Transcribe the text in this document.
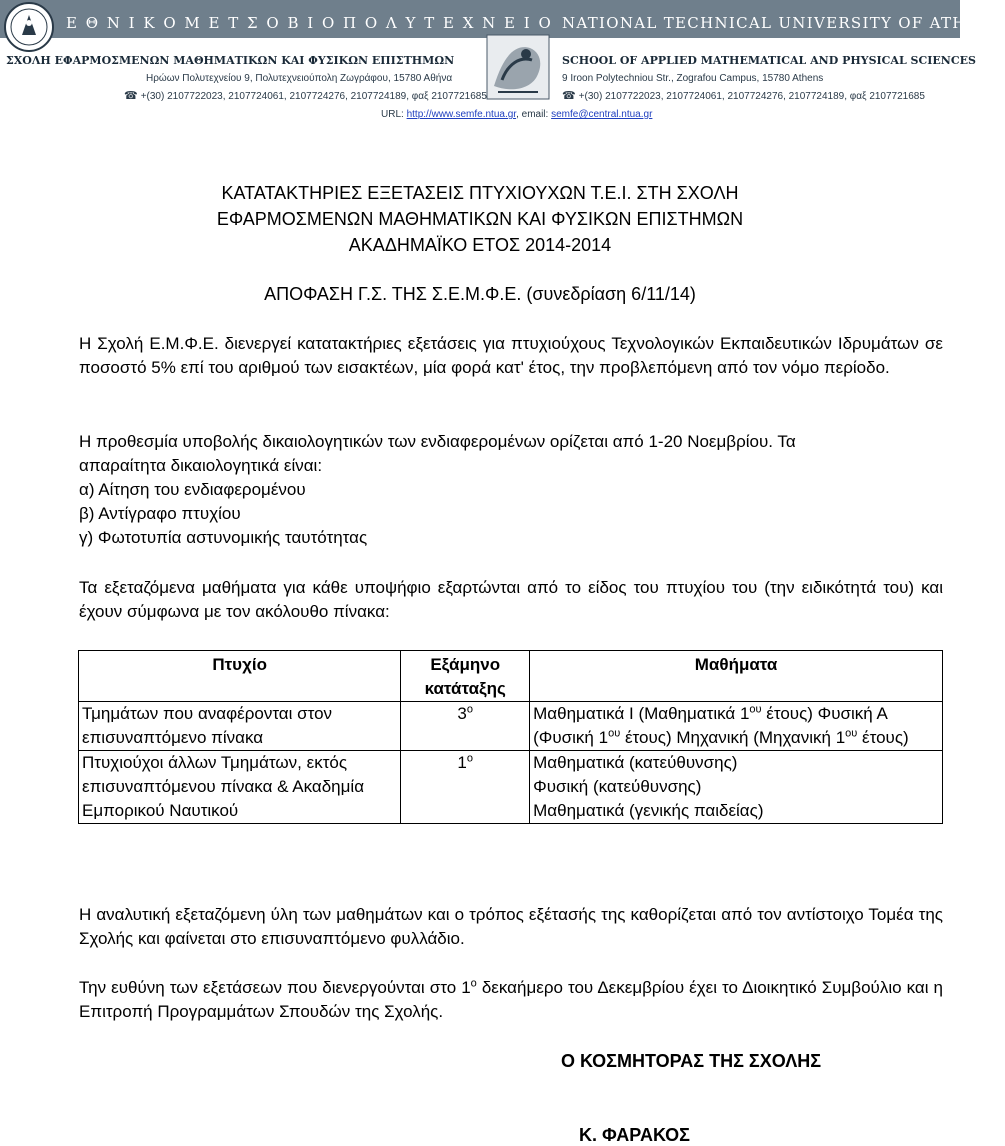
Ε Θ Ν Ι Κ Ο Μ Ε Τ Σ Ο Β Ι Ο Π Ο Λ Υ Τ Ε Χ Ν Ε Ι Ο NATIONAL TECHNICAL UNIVERSITY OF ATHENS
ΣΧΟΛΗ ΕΦΑΡΜΟΣΜΕΝΩΝ ΜΑΘΗΜΑΤΙΚΩΝ ΚΑΙ ΦΥΣΙΚΩΝ ΕΠΙΣΤΗΜΩΝ	SCHOOL OF APPLIED MATHEMATICAL AND PHYSICAL SCIENCES
Ηρώων Πολυτεχνείου 9, Πολυτεχνειούπολη Ζωγράφου, 15780 Αθήνα	9 Iroon Polytechniou Str., Zografou Campus, 15780 Athens
☎ +(30) 2107722023, 2107724061, 2107724276, 2107724189, φαξ 2107721685	☎ +(30) 2107722023, 2107724061, 2107724276, 2107724189, φαξ 2107721685
URL: http://www.semfe.ntua.gr, email: semfe@central.ntua.gr
ΚΑΤΑΤΑΚΤΗΡΙΕΣ ΕΞΕΤΑΣΕΙΣ ΠΤΥΧΙΟΥΧΩΝ Τ.Ε.Ι. ΣΤΗ ΣΧΟΛΗ
ΕΦΑΡΜΟΣΜΕΝΩΝ ΜΑΘΗΜΑΤΙΚΩΝ ΚΑΙ ΦΥΣΙΚΩΝ ΕΠΙΣΤΗΜΩΝ
ΑΚΑΔΗΜΑΪΚΟ ΕΤΟΣ 2014-2014
ΑΠΟΦΑΣΗ Γ.Σ. ΤΗΣ Σ.Ε.Μ.Φ.Ε. (συνεδρίαση 6/11/14)
Η Σχολή Ε.Μ.Φ.Ε. διενεργεί κατατακτήριες εξετάσεις για πτυχιούχους Τεχνολογικών Εκπαιδευτικών Ιδρυμάτων σε ποσοστό 5% επί του αριθμού των εισακτέων, μία φορά κατ' έτος, την προβλεπόμενη από τον νόμο περίοδο.
Η προθεσμία υποβολής δικαιολογητικών των ενδιαφερομένων ορίζεται από 1-20 Νοεμβρίου. Τα
απαραίτητα δικαιολογητικά είναι:
α) Αίτηση του ενδιαφερομένου
β) Αντίγραφο πτυχίου
γ) Φωτοτυπία αστυνομικής ταυτότητας
Τα εξεταζόμενα μαθήματα για κάθε υποψήφιο εξαρτώνται από το είδος του πτυχίου του (την ειδικότητά του) και έχουν σύμφωνα με τον ακόλουθο πίνακα:
Πτυχίο	Εξάμηνο κατάταξης	Μαθήματα
Τμημάτων που αναφέρονται στον επισυναπτόμενο πίνακα	$3^o$	Μαθηματικά Ι (Μαθηματικά $1^{o\upsilon}$ έτους) Φυσική Α (Φυσική $1^{o\upsilon}$ έτους) Μηχανική (Μηχανική $1^{o\upsilon}$ έτους)
Πτυχιούχοι άλλων Τμημάτων, εκτός επισυναπτόμενου πίνακα & Ακαδημία Εμπορικού Ναυτικού	$1^o$	Μαθηματικά (κατεύθυνσης)
Φυσική (κατεύθυνσης)
Μαθηματικά (γενικής παιδείας)
Η αναλυτική εξεταζόμενη ύλη των μαθημάτων και ο τρόπος εξέτασής της καθορίζεται από τον αντίστοιχο Τομέα της Σχολής και φαίνεται στο επισυναπτόμενο φυλλάδιο.
Την ευθύνη των εξετάσεων που διενεργούνται στο $1^o$ δεκαήμερο του Δεκεμβρίου έχει το Διοικητικό Συμβούλιο και η Επιτροπή Προγραμμάτων Σπουδών της Σχολής.
Ο ΚΟΣΜΗΤΟΡΑΣ ΤΗΣ ΣΧΟΛΗΣ
Κ. ΦΑΡΑΚΟΣ
